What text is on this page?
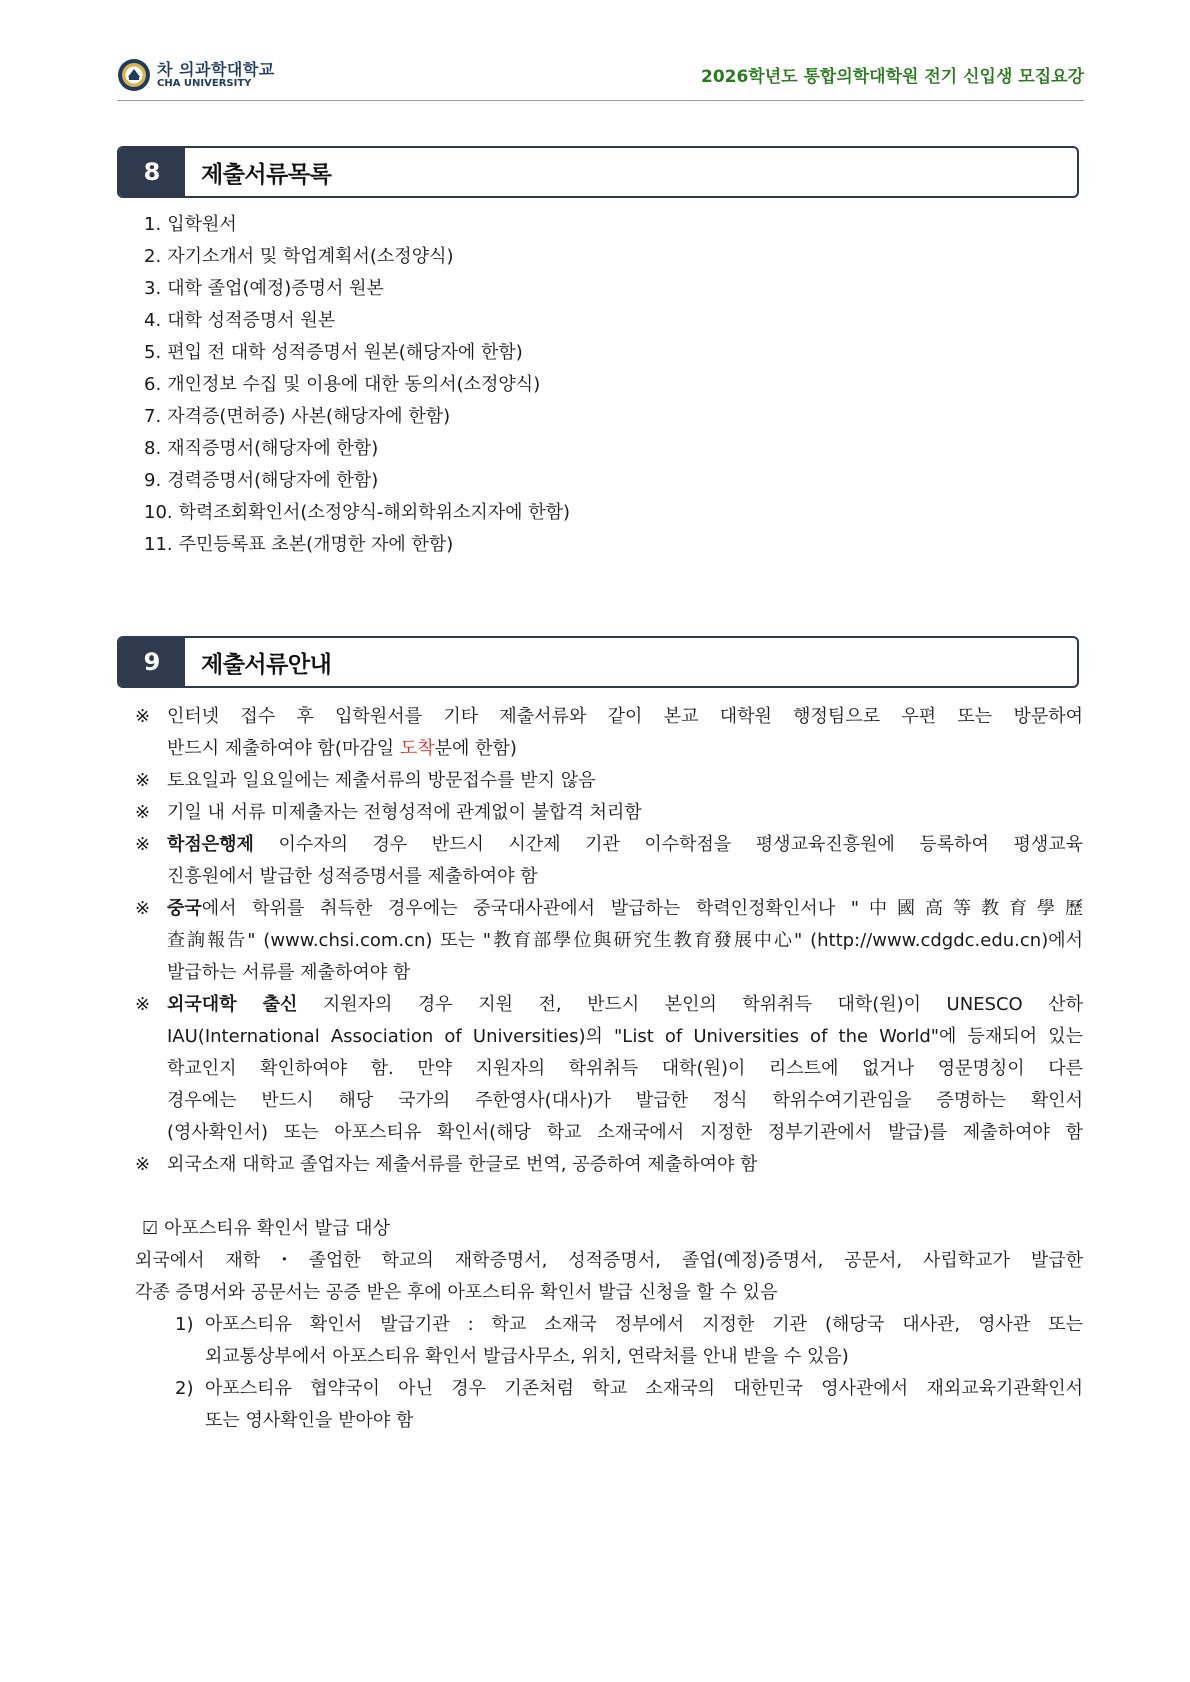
차 의과학대학교
CHA UNIVERSITY	2026학년도 통합의학대학원 전기 신입생 모집요강
8	제출서류목록
1. 입학원서
2. 자기소개서 및 학업계획서(소정양식)
3. 대학 졸업(예정)증명서 원본
4. 대학 성적증명서 원본
5. 편입 전 대학 성적증명서 원본(해당자에 한함)
6. 개인정보 수집 및 이용에 대한 동의서(소정양식)
7. 자격증(면허증) 사본(해당자에 한함)
8. 재직증명서(해당자에 한함)
9. 경력증명서(해당자에 한함)
10. 학력조회확인서(소정양식-해외학위소지자에 한함)
11. 주민등록표 초본(개명한 자에 한함)
9	제출서류안내
※ 인터넷 접수 후 입학원서를 기타 제출서류와 같이 본교 대학원 행정팀으로 우편 또는 방문하여
반드시 제출하여야 함(마감일 도착분에 한함)
※ 토요일과 일요일에는 제출서류의 방문접수를 받지 않음
※ 기일 내 서류 미제출자는 전형성적에 관계없이 불합격 처리함
※ 학점은행제 이수자의 경우 반드시 시간제 기관 이수학점을 평생교육진흥원에 등록하여 평생교육
진흥원에서 발급한 성적증명서를 제출하여야 함
※ 중국에서 학위를 취득한 경우에는 중국대사관에서 발급하는 학력인정확인서나 "中國高等教育學歷
查詢報告" (www.chsi.com.cn) 또는 "教育部學位與研究生教育發展中心" (http://www.cdgdc.edu.cn)에서
발급하는 서류를 제출하여야 함
※ 외국대학 출신 지원자의 경우 지원 전, 반드시 본인의 학위취득 대학(원)이 UNESCO 산하
IAU(International Association of Universities)의 "List of Universities of the World"에 등재되어 있는
학교인지 확인하여야 함. 만약 지원자의 학위취득 대학(원)이 리스트에 없거나 영문명칭이 다른
경우에는 반드시 해당 국가의 주한영사(대사)가 발급한 정식 학위수여기관임을 증명하는 확인서
(영사확인서) 또는 아포스티유 확인서(해당 학교 소재국에서 지정한 정부기관에서 발급)를 제출하여야 함
※ 외국소재 대학교 졸업자는 제출서류를 한글로 번역, 공증하여 제출하여야 함
☑ 아포스티유 확인서 발급 대상
외국에서 재학・졸업한 학교의 재학증명서, 성적증명서, 졸업(예정)증명서, 공문서, 사립학교가 발급한
각종 증명서와 공문서는 공증 받은 후에 아포스티유 확인서 발급 신청을 할 수 있음
1) 아포스티유 확인서 발급기관 : 학교 소재국 정부에서 지정한 기관 (해당국 대사관, 영사관 또는
외교통상부에서 아포스티유 확인서 발급사무소, 위치, 연락처를 안내 받을 수 있음)
2) 아포스티유 협약국이 아닌 경우 기존처럼 학교 소재국의 대한민국 영사관에서 재외교육기관확인서
또는 영사확인을 받아야 함
